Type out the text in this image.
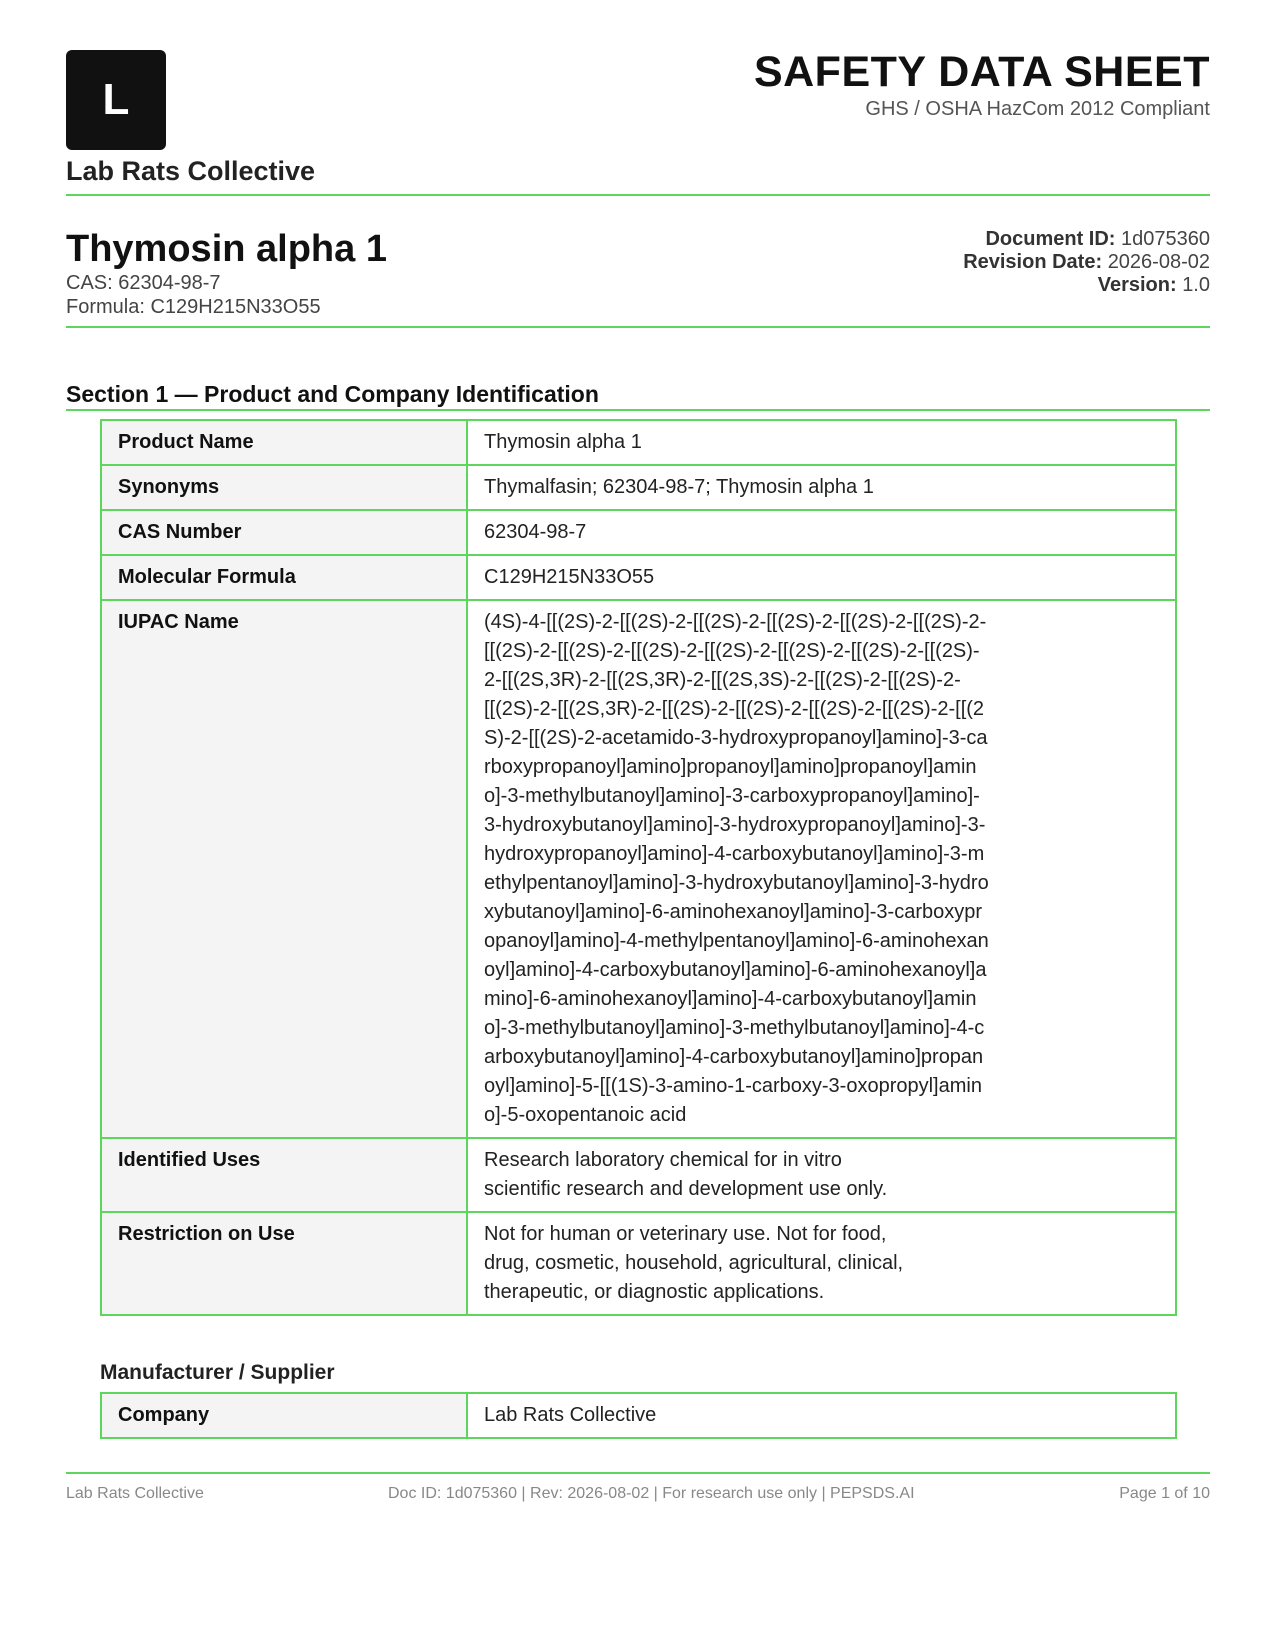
L
Lab Rats Collective
SAFETY DATA SHEET
GHS / OSHA HazCom 2012 Compliant
Thymosin alpha 1
CAS: 62304-98-7
Formula: C129H215N33O55
Document ID: 1d075360
Revision Date: 2026-08-02
Version: 1.0
Section 1 — Product and Company Identification
Product Name	Thymosin alpha 1
Synonyms	Thymalfasin; 62304-98-7; Thymosin alpha 1
CAS Number	62304-98-7
Molecular Formula	C129H215N33O55
IUPAC Name	(4S)-4-[[(2S)-2-[[(2S)-2-[[(2S)-2-[[(2S)-2-[[(2S)-2-[[(2S)-2-[[(2S)-2-[[(2S)-2-[[(2S)-2-[[(2S)-2-[[(2S)-2-[[(2S)-2-[[(2S)-2-[[(2S,3R)-2-[[(2S,3R)-2-[[(2S,3S)-2-[[(2S)-2-[[(2S)-2-[[(2S)-2-[[(2S,3R)-2-[[(2S)-2-[[(2S)-2-[[(2S)-2-[[(2S)-2-[[(2S)-2-[[(2S)-2-acetamido-3-hydroxypropanoyl]amino]-3-carboxypropanoyl]amino]propanoyl]amino]propanoyl]amino]-3-methylbutanoyl]amino]-3-carboxypropanoyl]amino]-3-hydroxybutanoyl]amino]-3-hydroxypropanoyl]amino]-3-hydroxypropanoyl]amino]-4-carboxybutanoyl]amino]-3-methylpentanoyl]amino]-3-hydroxybutanoyl]amino]-3-hydroxybutanoyl]amino]-6-aminohexanoyl]amino]-3-carboxypropanoyl]amino]-4-methylpentanoyl]amino]-6-aminohexanoyl]amino]-4-carboxybutanoyl]amino]-6-aminohexanoyl]amino]-6-aminohexanoyl]amino]-4-carboxybutanoyl]amino]-3-methylbutanoyl]amino]-3-methylbutanoyl]amino]-4-carboxybutanoyl]amino]-4-carboxybutanoyl]amino]propanoyl]amino]-5-[[(1S)-3-amino-1-carboxy-3-oxopropyl]amino]-5-oxopentanoic acid

Identified Uses	Research laboratory chemical for in vitro scientific research and development use only.

Restriction on Use	Not for human or veterinary use. Not for food, drug, cosmetic, household, agricultural, clinical, therapeutic, or diagnostic applications.
Manufacturer / Supplier
Company	Lab Rats Collective
Lab Rats Collective	Doc ID: 1d075360 | Rev: 2026-08-02 | For research use only | PEPSDS.AI	Page 1 of 10
